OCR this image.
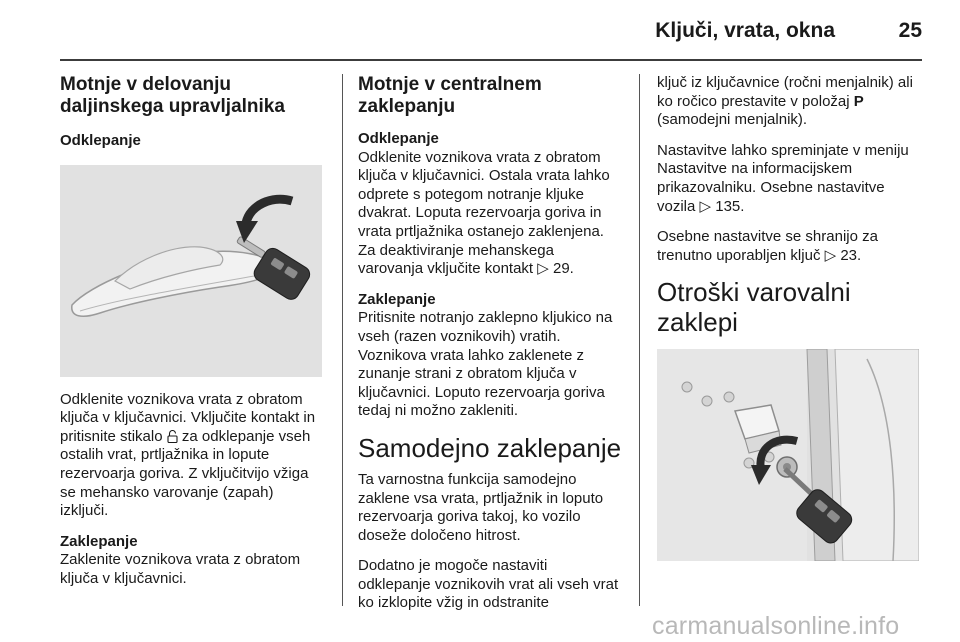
Ključi, vrata, okna	25
Motnje v delovanju daljinskega upravljalnika
Odklepanje

Odklenite voznikova vrata z obratom ključa v ključavnici. Vključite kontakt in pritisnite stikalo za odklepanje vseh ostalih vrat, prtljažnika in lopute rezervoarja goriva. Z vključitvijo vžiga se mehansko varovanje (zapah) izključi.

Zaklepanje

Zaklenite voznikova vrata z obratom ključa v ključavnici.

Motnje v centralnem zaklepanju
Odklepanje

Odklenite voznikova vrata z obratom ključa v ključavnici. Ostala vrata lahko odprete s potegom notranje kljuke dvakrat. Loputa rezervoarja goriva in vrata prtljažnika ostanejo zaklenjena. Za deaktiviranje mehanskega varovanja vključite kontakt ▷ 29.

Zaklepanje

Pritisnite notranjo zaklepno kljukico na vseh (razen voznikovih) vratih. Voznikova vrata lahko zaklenete z zunanje strani z obratom ključa v ključavnici. Loputo rezervoarja goriva tedaj ni možno zakleniti.

Samodejno zaklepanje

Ta varnostna funkcija samodejno zaklene vsa vrata, prtljažnik in loputo rezervoarja goriva takoj, ko vozilo doseže določeno hitrost.

Dodatno je mogoče nastaviti odklepanje voznikovih vrat ali vseh vrat ko izklopite vžig in odstranite

ključ iz ključavnice (ročni menjalnik) ali ko ročico prestavite v položaj P (samodejni menjalnik).

Nastavitve lahko spreminjate v meniju Nastavitve na informacijskem prikazovalniku. Osebne nastavitve vozila ▷ 135.

Osebne nastavitve se shranijo za trenutno uporabljen ključ ▷ 23.

Otroški varovalni zaklepi
carmanualsonline.info
